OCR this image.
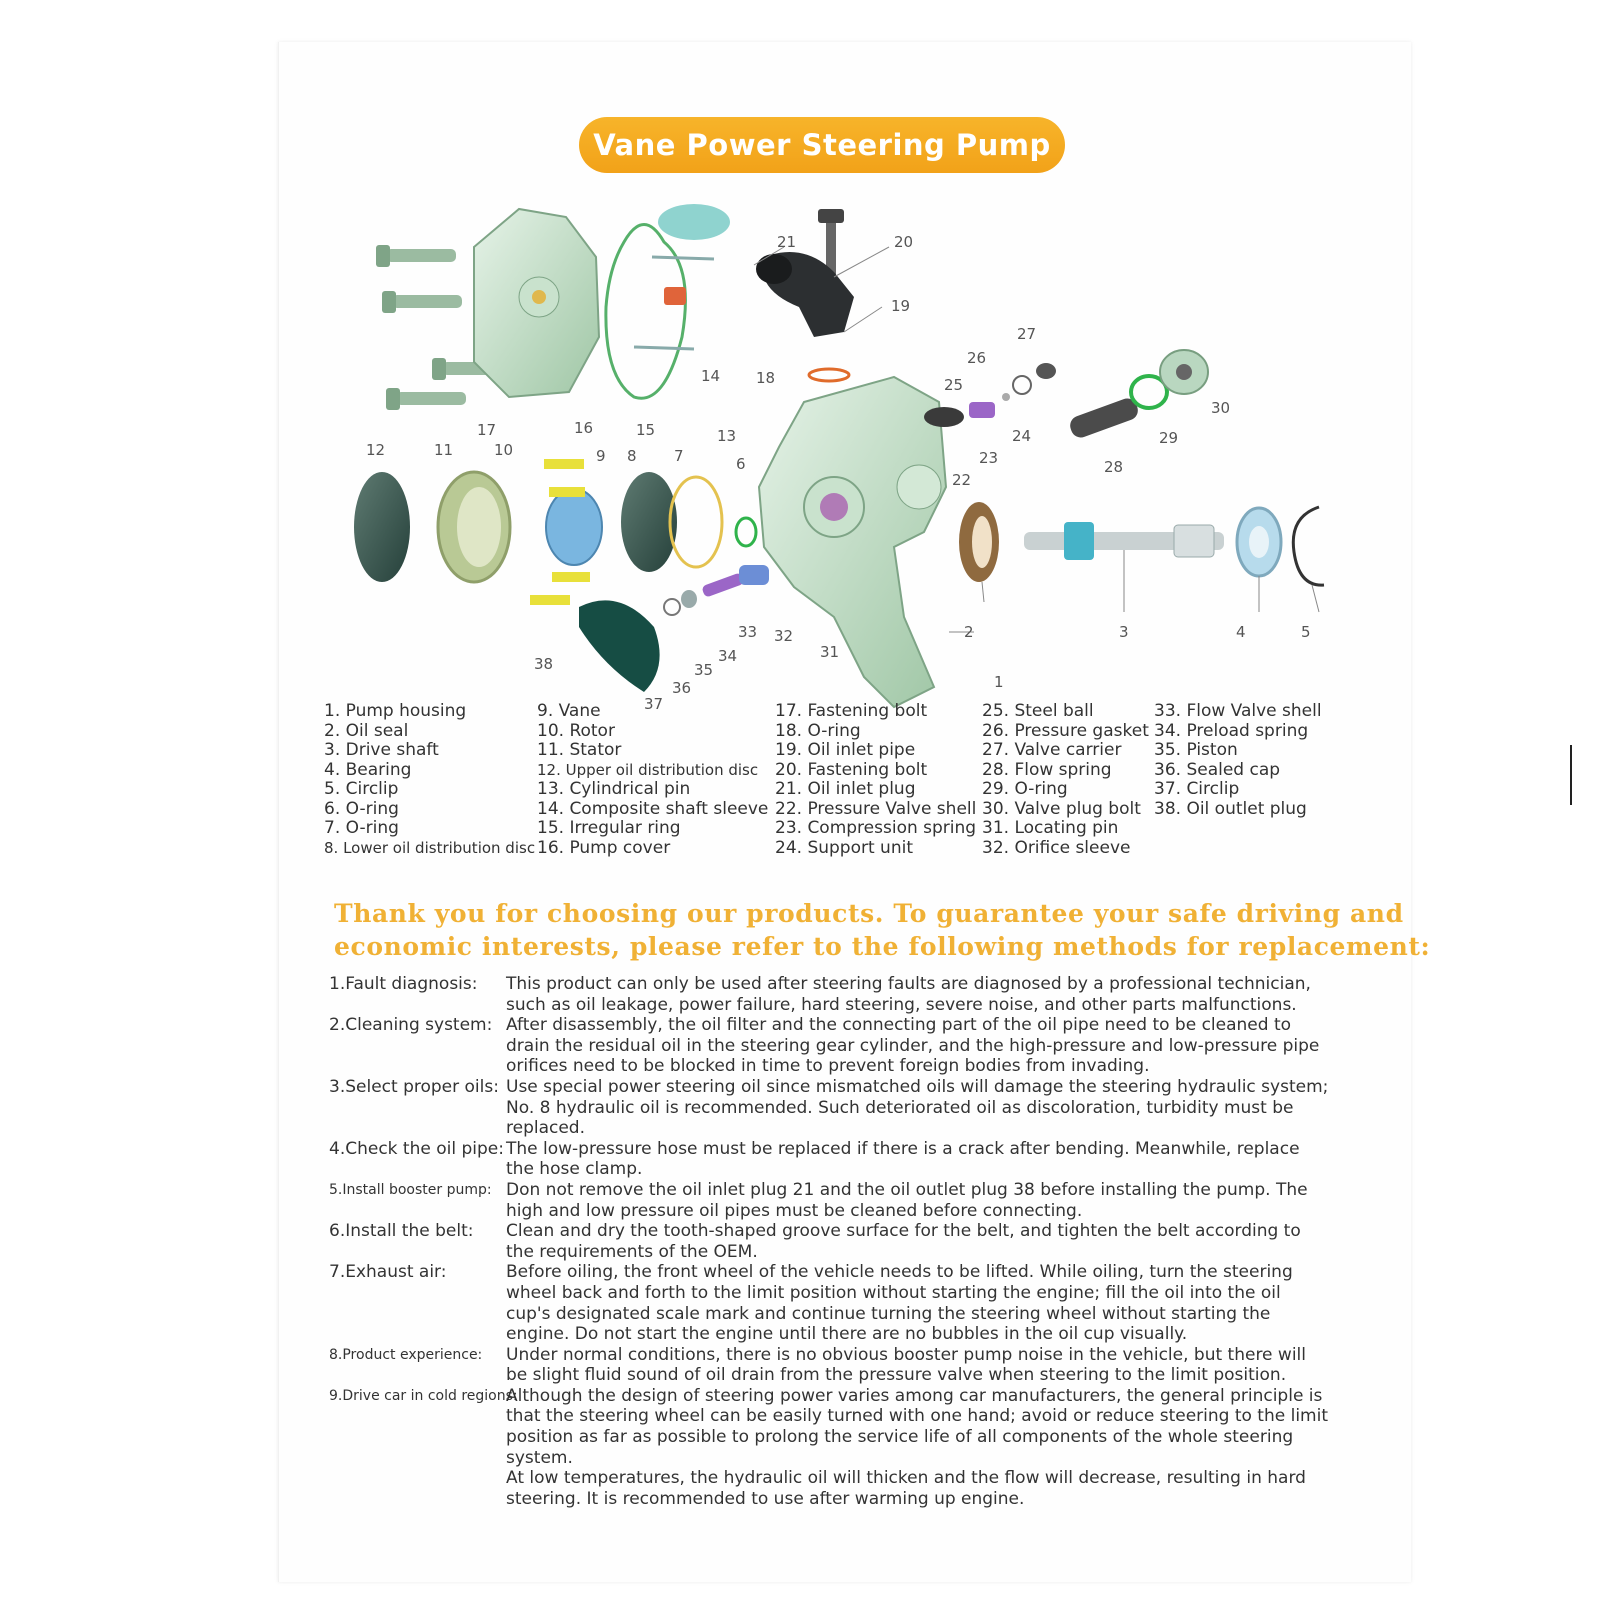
Vane Power Steering Pump
1
2	3	4	5
6
7
8
9
10
11
12
13
14
15
16
17
18
19
20
21
22
23
24
25
26
27
28
29
30
31
32
33
34
35
36
37
38
1. Pump housing
2. Oil seal
3. Drive shaft
4. Bearing
5. Circlip
6. O-ring
7. O-ring
8. Lower oil distribution disc
9. Vane
10. Rotor
11. Stator
12. Upper oil distribution disc
13. Cylindrical pin
14. Composite shaft sleeve
15. Irregular ring
16. Pump cover
17. Fastening bolt
18. O-ring
19. Oil inlet pipe
20. Fastening bolt
21. Oil inlet plug
22. Pressure Valve shell
23. Compression spring
24. Support unit
25. Steel ball
26. Pressure gasket
27. Valve carrier
28. Flow spring
29. O-ring
30. Valve plug bolt
31. Locating pin
32. Orifice sleeve
33. Flow Valve shell
34. Preload spring
35. Piston
36. Sealed cap
37. Circlip
38. Oil outlet plug
Thank you for choosing our products. To guarantee your safe driving and
economic interests, please refer to the following methods for replacement:
1.Fault diagnosis: This product can only be used after steering faults are diagnosed by a professional technician,
such as oil leakage, power failure, hard steering, severe noise, and other parts malfunctions.
2.Cleaning system: After disassembly, the oil filter and the connecting part of the oil pipe need to be cleaned to
drain the residual oil in the steering gear cylinder, and the high-pressure and low-pressure pipe
orifices need to be blocked in time to prevent foreign bodies from invading.
3.Select proper oils: Use special power steering oil since mismatched oils will damage the steering hydraulic system;
No. 8 hydraulic oil is recommended. Such deteriorated oil as discoloration, turbidity must be
replaced.
4.Check the oil pipe: The low-pressure hose must be replaced if there is a crack after bending. Meanwhile, replace
the hose clamp.
5.Install booster pump: Don not remove the oil inlet plug 21 and the oil outlet plug 38 before installing the pump. The
high and low pressure oil pipes must be cleaned before connecting.
6.Install the belt: Clean and dry the tooth-shaped groove surface for the belt, and tighten the belt according to
the requirements of the OEM.
7.Exhaust air:	Before oiling, the front wheel of the vehicle needs to be lifted. While oiling, turn the steering
wheel back and forth to the limit position without starting the engine; fill the oil into the oil
cup's designated scale mark and continue turning the steering wheel without starting the
engine. Do not start the engine until there are no bubbles in the oil cup visually.
8.Product experience: Under normal conditions, there is no obvious booster pump noise in the vehicle, but there will
be slight fluid sound of oil drain from the pressure valve when steering to the limit position.
9.Drive car in cold regions:
Although the design of steering power varies among car manufacturers, the general principle is
that the steering wheel can be easily turned with one hand; avoid or reduce steering to the limit
position as far as possible to prolong the service life of all components of the whole steering
system.
At low temperatures, the hydraulic oil will thicken and the flow will decrease, resulting in hard
steering. It is recommended to use after warming up engine.
